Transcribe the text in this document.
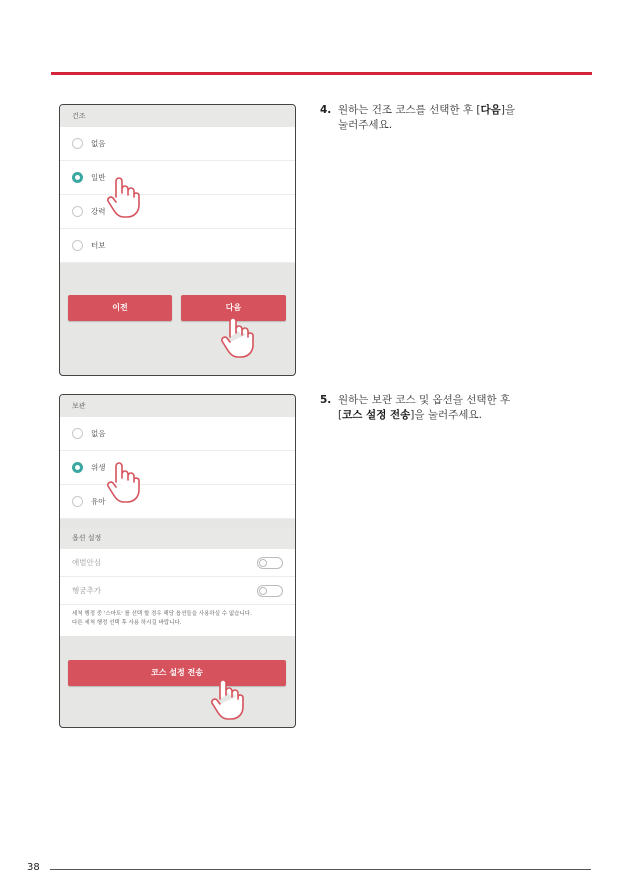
건조
없음
일반
강력
터보
이전	다음
4. 원하는 건조 코스를 선택한 후 [다음]을
눌러주세요.
보관
없음
위생
유아
옵션 설정
애벌안심
헹굼추가
세척 행정 중 '스마트' 를 선택 할 경우 해당 옵션들을 사용하실 수 없습니다.
다른 세척 행정 선택 후 사용 하시길 바랍니다.
코스 설정 전송
5. 원하는 보관 코스 및 옵션을 선택한 후
[코스 설정 전송]을 눌러주세요.
38
